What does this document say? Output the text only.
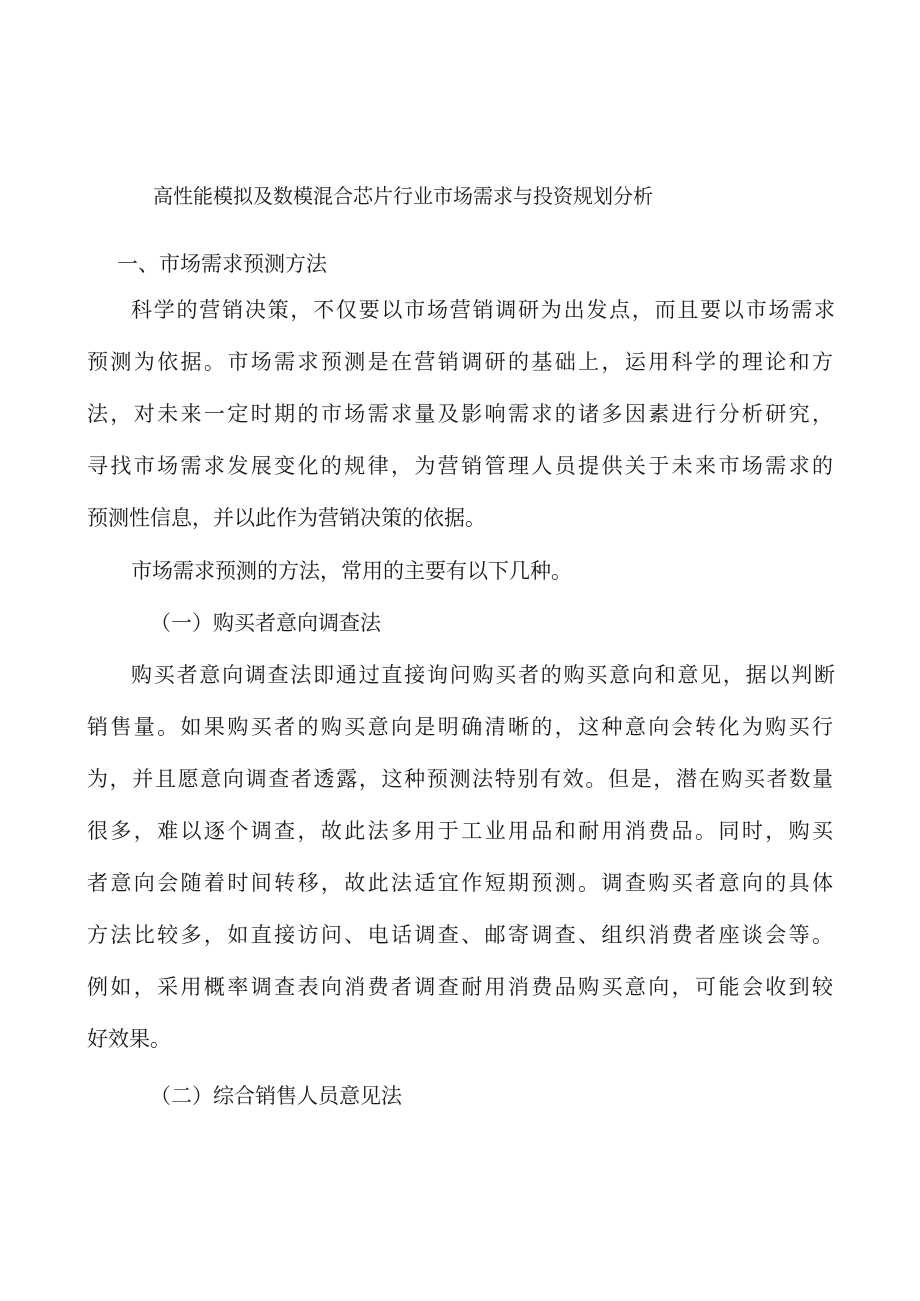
高性能模拟及数模混合芯片行业市场需求与投资规划分析
一、市场需求预测方法
科学的营销决策，不仅要以市场营销调研为出发点，而且要以市场需求
预测为依据。市场需求预测是在营销调研的基础上，运用科学的理论和方
法，对未来一定时期的市场需求量及影响需求的诸多因素进行分析研究，
寻找市场需求发展变化的规律，为营销管理人员提供关于未来市场需求的
预测性信息，并以此作为营销决策的依据。
市场需求预测的方法，常用的主要有以下几种。
（一）购买者意向调查法
购买者意向调查法即通过直接询问购买者的购买意向和意见，据以判断
销售量。如果购买者的购买意向是明确清晰的，这种意向会转化为购买行
为，并且愿意向调查者透露，这种预测法特别有效。但是，潜在购买者数量
很多，难以逐个调查，故此法多用于工业用品和耐用消费品。同时，购买
者意向会随着时间转移，故此法适宜作短期预测。调查购买者意向的具体
方法比较多，如直接访问、电话调查、邮寄调查、组织消费者座谈会等。
例如，采用概率调查表向消费者调查耐用消费品购买意向，可能会收到较
好效果。
（二）综合销售人员意见法
